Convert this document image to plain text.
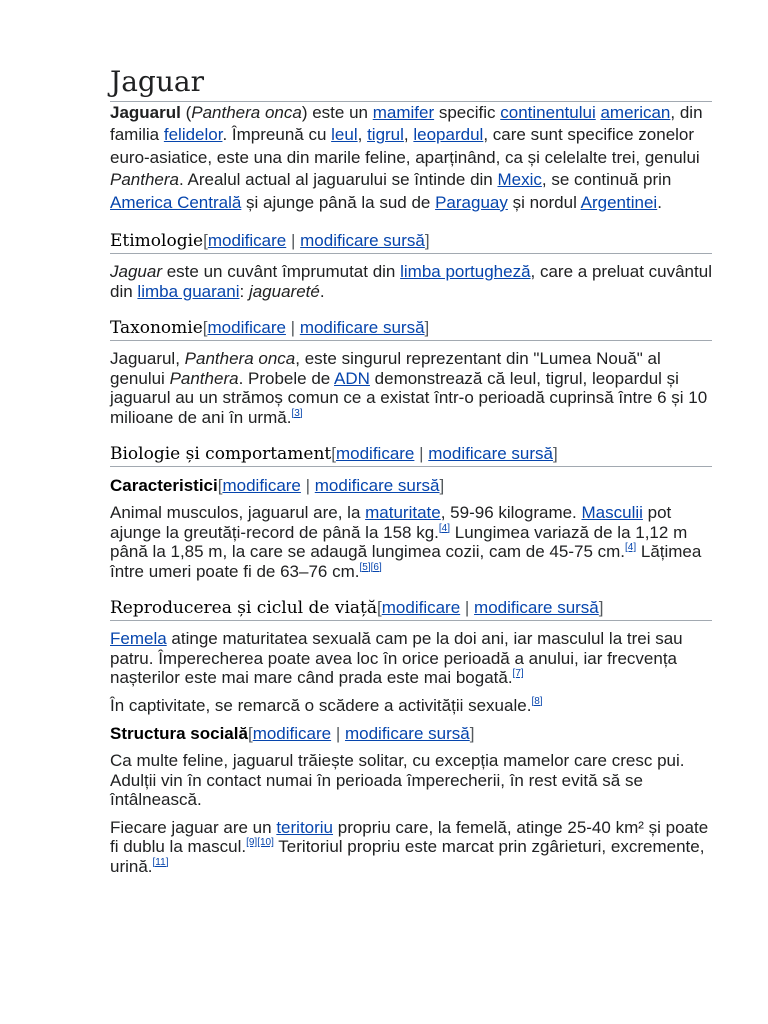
Jaguar

Jaguarul (Panthera onca) este un mamifer specific continentului american, din familia felidelor. Împreună cu leul, tigrul, leopardul, care sunt specifice zonelor euro-asiatice, este una din marile feline, aparținând, ca și celelalte trei, genului Panthera. Arealul actual al jaguarului se întinde din Mexic, se continuă prin America Centrală și ajunge până la sud de Paraguay și nordul Argentinei.

Etimologie[modificare | modificare sursă]

Jaguar este un cuvânt împrumutat din limba portugheză, care a preluat cuvântul din limba guarani: jaguareté.

Taxonomie[modificare | modificare sursă]

Jaguarul, Panthera onca, este singurul reprezentant din "Lumea Nouă" al genului Panthera. Probele de ADN demonstrează că leul, tigrul, leopardul și jaguarul au un strămoș comun ce a existat într-o perioadă cuprinsă între 6 și 10 milioane de ani în urmă.[3]

Biologie și comportament[modificare | modificare sursă]
Caracteristici[modificare | modificare sursă]

Animal musculos, jaguarul are, la maturitate, 59-96 kilograme. Masculii pot ajunge la greutăți-record de până la 158 kg.[4] Lungimea variază de la 1,12 m până la 1,85 m, la care se adaugă lungimea cozii, cam de 45-75 cm.[4] Lățimea între umeri poate fi de 63–76 cm.[5][6]

Reproducerea și ciclul de viață[modificare | modificare sursă]

Femela atinge maturitatea sexuală cam pe la doi ani, iar masculul la trei sau patru. Împerecherea poate avea loc în orice perioadă a anului, iar frecvența nașterilor este mai mare când prada este mai bogată.[7]

În captivitate, se remarcă o scădere a activității sexuale.[8]

Structura socială[modificare | modificare sursă]

Ca multe feline, jaguarul trăiește solitar, cu excepția mamelor care cresc pui. Adulții vin în contact numai în perioada împerecherii, în rest evită să se întâlnească.

Fiecare jaguar are un teritoriu propriu care, la femelă, atinge 25-40 km² și poate fi dublu la mascul.[9][10] Teritoriul propriu este marcat prin zgârieturi, excremente, urină.[11]
